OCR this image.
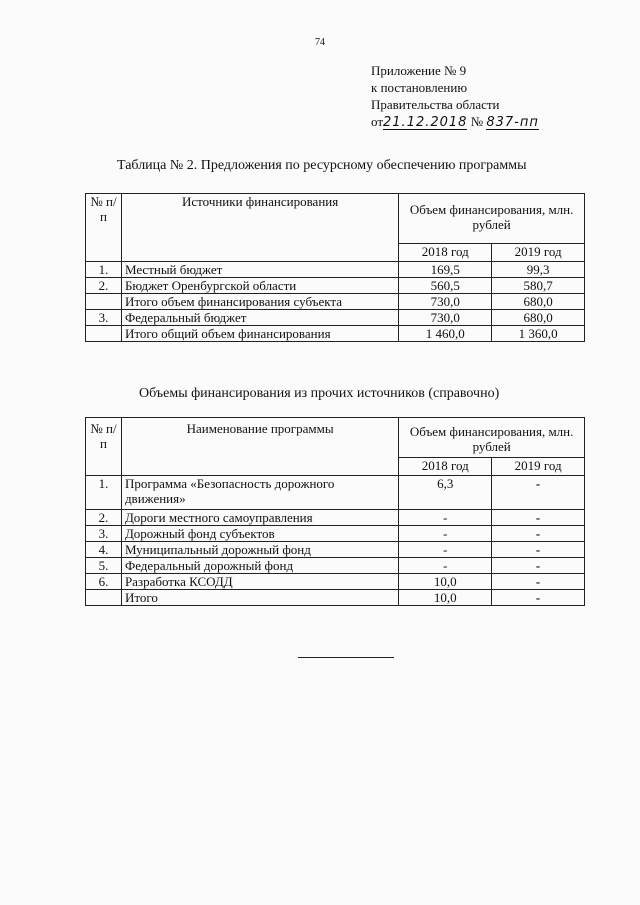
74
Приложение № 9
к постановлению
Правительства области
от21.12.2018 № 837-пп
Таблица № 2. Предложения по ресурсному обеспечению программы
№ п/п	Источники финансирования	Объем финансирования, млн. рублей	
		2018 год	2019 год
1.	Местный бюджет	169,5	99,3
2.	Бюджет Оренбургской области	560,5	580,7
	Итого объем финансирования субъекта	730,0	680,0
3.	Федеральный бюджет	730,0	680,0
	Итого общий объем финансирования	1 460,0	1 360,0
Объемы финансирования из прочих источников (справочно)
№ п/п	Наименование программы	Объем финансирования, млн. рублей	
		2018 год	2019 год
1.	Программа «Безопасность дорожного движения»	6,3	-
2.	Дороги местного самоуправления	-	-
3.	Дорожный фонд субъектов	-	-
4.	Муниципальный дорожный фонд	-	-
5.	Федеральный дорожный фонд	-	-
6.	Разработка КСОДД	10,0	-
	Итого	10,0	-
